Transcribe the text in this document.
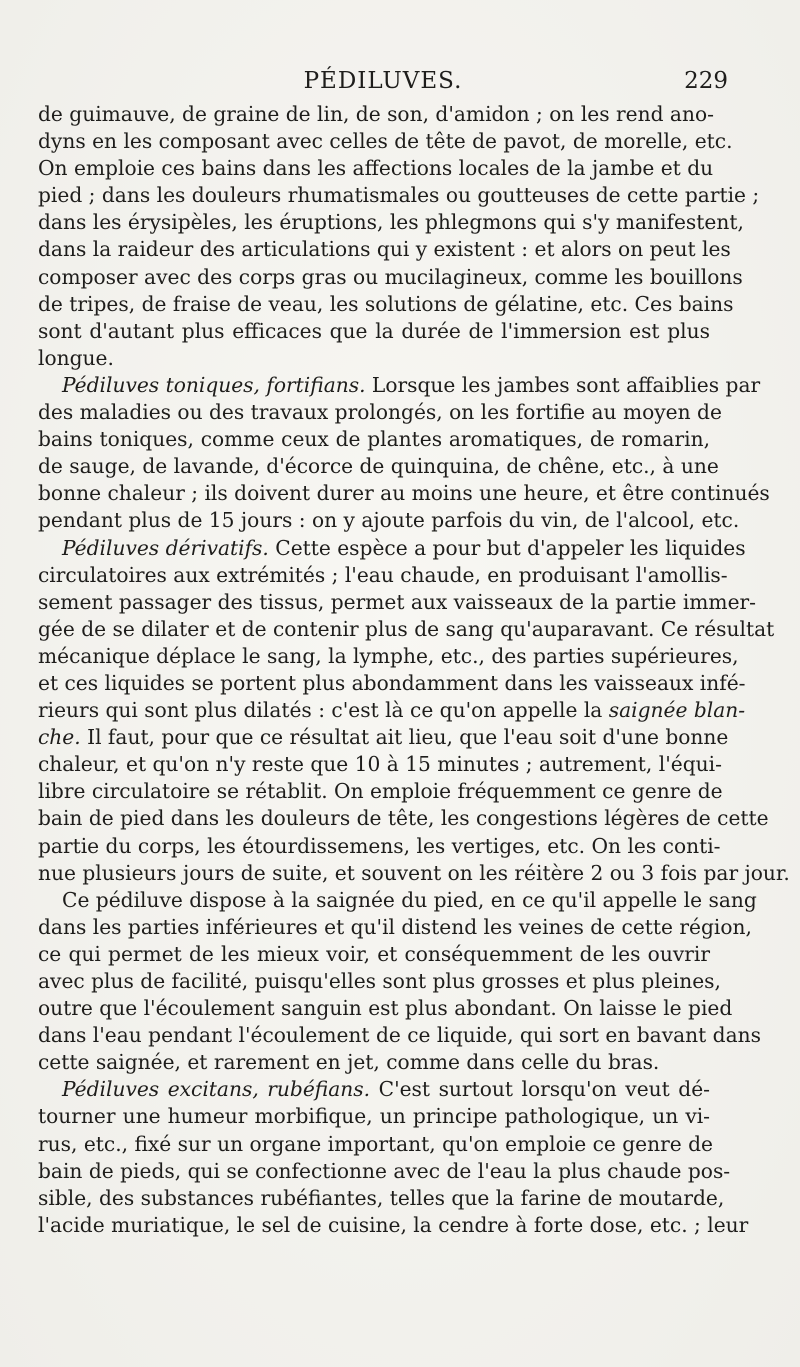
PÉDILUVES.	229
de guimauve, de graine de lin, de son, d'amidon ; on les rend ano-
dyns en les composant avec celles de tête de pavot, de morelle, etc.
On emploie ces bains dans les affections locales de la jambe et du
pied ; dans les douleurs rhumatismales ou goutteuses de cette partie ;
dans les érysipèles, les éruptions, les phlegmons qui s'y manifestent,
dans la raideur des articulations qui y existent : et alors on peut les
composer avec des corps gras ou mucilagineux, comme les bouillons
de tripes, de fraise de veau, les solutions de gélatine, etc. Ces bains
sont d'autant plus efficaces que la durée de l'immersion est plus
longue.
Pédiluves toniques, fortifians. Lorsque les jambes sont affaiblies par
des maladies ou des travaux prolongés, on les fortifie au moyen de
bains toniques, comme ceux de plantes aromatiques, de romarin,
de sauge, de lavande, d'écorce de quinquina, de chêne, etc., à une
bonne chaleur ; ils doivent durer au moins une heure, et être continués
pendant plus de 15 jours : on y ajoute parfois du vin, de l'alcool, etc.
Pédiluves dérivatifs. Cette espèce a pour but d'appeler les liquides
circulatoires aux extrémités ; l'eau chaude, en produisant l'amollis-
sement passager des tissus, permet aux vaisseaux de la partie immer-
gée de se dilater et de contenir plus de sang qu'auparavant. Ce résultat
mécanique déplace le sang, la lymphe, etc., des parties supérieures,
et ces liquides se portent plus abondamment dans les vaisseaux infé-
rieurs qui sont plus dilatés : c'est là ce qu'on appelle la saignée blan-
che. Il faut, pour que ce résultat ait lieu, que l'eau soit d'une bonne
chaleur, et qu'on n'y reste que 10 à 15 minutes ; autrement, l'équi-
libre circulatoire se rétablit. On emploie fréquemment ce genre de
bain de pied dans les douleurs de tête, les congestions légères de cette
partie du corps, les étourdissemens, les vertiges, etc. On les conti-
nue plusieurs jours de suite, et souvent on les réitère 2 ou 3 fois par jour.
Ce pédiluve dispose à la saignée du pied, en ce qu'il appelle le sang
dans les parties inférieures et qu'il distend les veines de cette région,
ce qui permet de les mieux voir, et conséquemment de les ouvrir
avec plus de facilité, puisqu'elles sont plus grosses et plus pleines,
outre que l'écoulement sanguin est plus abondant. On laisse le pied
dans l'eau pendant l'écoulement de ce liquide, qui sort en bavant dans
cette saignée, et rarement en jet, comme dans celle du bras.
Pédiluves excitans, rubéfians. C'est surtout lorsqu'on veut dé-
tourner une humeur morbifique, un principe pathologique, un vi-
rus, etc., fixé sur un organe important, qu'on emploie ce genre de
bain de pieds, qui se confectionne avec de l'eau la plus chaude pos-
sible, des substances rubéfiantes, telles que la farine de moutarde,
l'acide muriatique, le sel de cuisine, la cendre à forte dose, etc. ; leur
